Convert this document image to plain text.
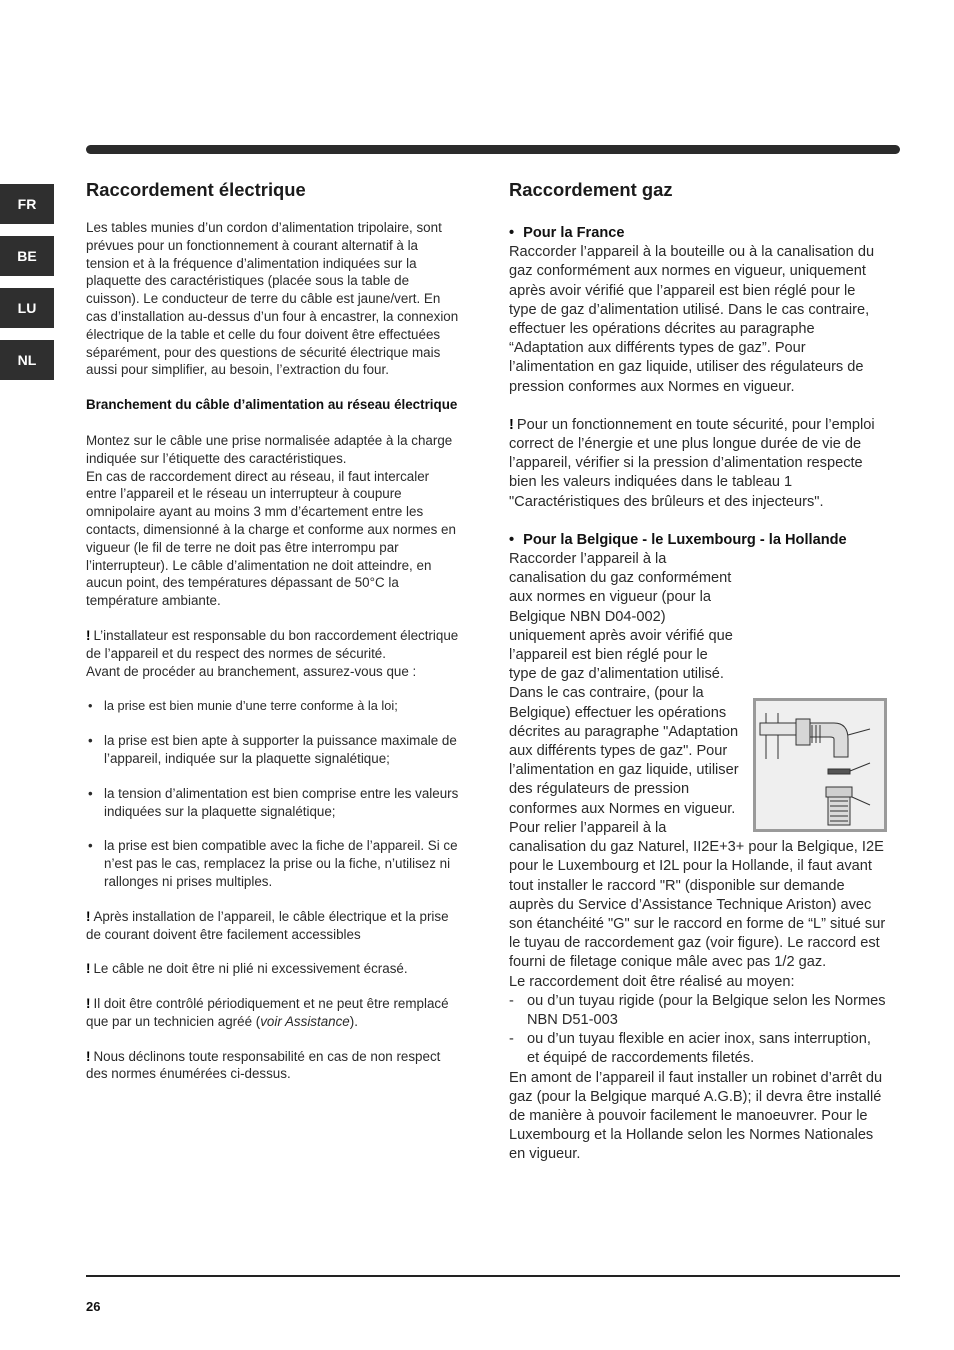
FR
BE
LU
NL
Raccordement électrique

Les tables munies d’un cordon d’alimentation tripolaire, sont prévues pour un fonctionnement à courant alternatif à la tension et à la fréquence d’alimentation indiquées sur la plaquette des caractéristiques (placée sous la table de cuisson). Le conducteur de terre du câble est jaune/vert. En cas d’installation au-dessus d’un four à encastrer, la connexion électrique de la table et celle du four doivent être effectuées séparément, pour des questions de sécurité électrique mais aussi pour simplifier, au besoin, l’extraction du four.

Branchement du câble d’alimentation au réseau électrique

Montez sur le câble une prise normalisée adaptée à la charge indiquée sur l’étiquette des caractéristiques.
En cas de raccordement direct au réseau, il faut intercaler entre l’appareil et le réseau un interrupteur à coupure omnipolaire ayant au moins 3 mm d’écartement entre les contacts, dimensionné à la charge et conforme aux normes en vigueur (le fil de terre ne doit pas être interrompu par l’interrupteur). Le câble d’alimentation ne doit atteindre, en aucun point, des températures dépassant de 50°C la température ambiante.

! L’installateur est responsable du bon raccordement électrique de l’appareil et du respect des normes de sécurité.

Avant de procéder au branchement, assurez-vous que :

• la prise est bien munie d’une terre conforme à la loi;
• la prise est bien apte à supporter la puissance maximale de l’appareil, indiquée sur la plaquette signalétique;
• la tension d’alimentation est bien comprise entre les valeurs indiquées sur la plaquette signalétique;
• la prise est bien compatible avec la fiche de l’appareil. Si ce n’est pas le cas, remplacez la prise ou la fiche, n’utilisez ni rallonges ni prises multiples.

! Après installation de l’appareil, le câble électrique et la prise de courant doivent être facilement accessibles

! Le câble ne doit être ni plié ni excessivement écrasé.

! Il doit être contrôlé périodiquement et ne peut être remplacé que par un technicien agréé (voir Assistance).

! Nous déclinons toute responsabilité en cas de non respect des normes énumérées ci-dessus.

Raccordement gaz

• Pour la France

Raccorder l’appareil à la bouteille ou à la canalisation du gaz conformément aux normes en vigueur, uniquement après avoir vérifié que l’appareil est bien réglé pour le type de gaz d’alimentation utilisé. Dans le cas contraire, effectuer les opérations décrites au paragraphe “Adaptation aux différents types de gaz”. Pour l’alimentation en gaz liquide, utiliser des régulateurs de pression conformes aux Normes en vigueur.

! Pour un fonctionnement en toute sécurité, pour l’emploi correct de l’énergie et une plus longue durée de vie de l’appareil, vérifier si la pression d’alimentation respecte bien les valeurs indiquées dans le tableau 1 "Caractéristiques des brûleurs et des injecteurs".

• Pour la Belgique - le Luxembourg - la Hollande

Raccorder l’appareil à la canalisation du gaz conformément aux normes en vigueur (pour la Belgique NBN D04-002) uniquement après avoir vérifié que l’appareil est bien réglé pour le type de gaz d’alimentation utilisé. Dans le cas contraire, (pour la Belgique) effectuer les opérations décrites au paragraphe "Adaptation aux différents types de gaz". Pour l’alimentation en gaz liquide, utiliser des régulateurs de pression conformes aux Normes en vigueur. Pour relier l’appareil à la canalisation du gaz Naturel, II2E+3+ pour la Belgique, I2E pour le Luxembourg et I2L pour la Hollande, il faut avant tout installer le raccord "R" (disponible sur demande auprès du Service d’Assistance Technique Ariston) avec son étanchéité "G" sur le raccord en forme de “L” situé sur le tuyau de raccordement gaz (voir figure). Le raccord est fourni de filetage conique mâle avec pas 1/2 gaz.

Le raccordement doit être réalisé au moyen:

- ou d’un tuyau rigide (pour la Belgique selon les Normes NBN D51-003
- ou d’un tuyau flexible en acier inox, sans interruption, et équipé de raccordements filetés.

En amont de l’appareil il faut installer un robinet d’arrêt du gaz (pour la Belgique marqué A.G.B); il devra être installé de manière à pouvoir facilement le manoeuvrer. Pour le Luxembourg et la Hollande selon les Normes Nationales en vigueur.

26
